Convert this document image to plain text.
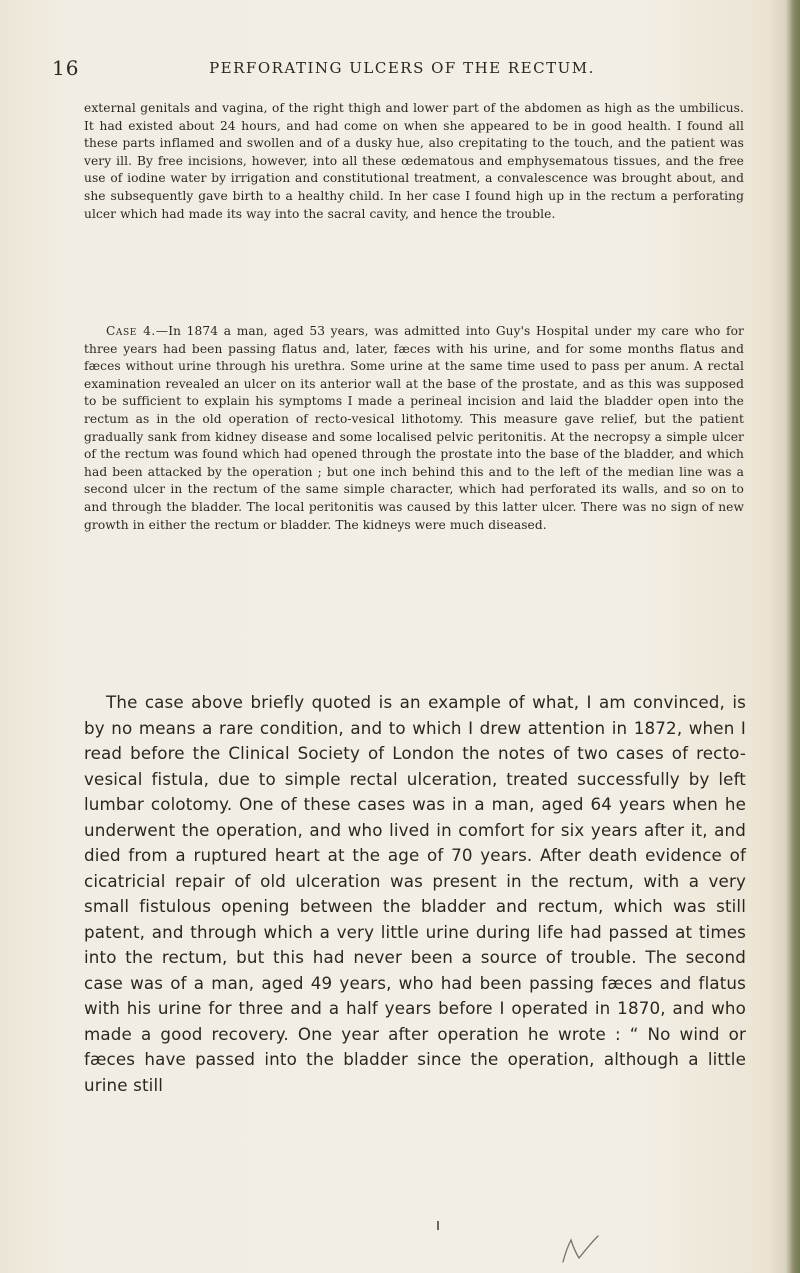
16	PERFORATING ULCERS OF THE RECTUM.

external genitals and vagina, of the right thigh and lower part of the abdomen as high as the umbilicus. It had existed about 24 hours, and had come on when she appeared to be in good health. I found all these parts inflamed and swollen and of a dusky hue, also crepitating to the touch, and the patient was very ill. By free incisions, however, into all these œdematous and emphysematous tissues, and the free use of iodine water by irrigation and constitutional treatment, a convalescence was brought about, and she subsequently gave birth to a healthy child. In her case I found high up in the rectum a perforating ulcer which had made its way into the sacral cavity, and hence the trouble.

Case 4.—In 1874 a man, aged 53 years, was admitted into Guy's Hospital under my care who for three years had been passing flatus and, later, fæces with his urine, and for some months flatus and fæces without urine through his urethra. Some urine at the same time used to pass per anum. A rectal examination revealed an ulcer on its anterior wall at the base of the prostate, and as this was supposed to be sufficient to explain his symptoms I made a perineal incision and laid the bladder open into the rectum as in the old operation of recto-vesical lithotomy. This measure gave relief, but the patient gradually sank from kidney disease and some localised pelvic peritonitis. At the necropsy a simple ulcer of the rectum was found which had opened through the prostate into the base of the bladder, and which had been attacked by the operation ; but one inch behind this and to the left of the median line was a second ulcer in the rectum of the same simple character, which had perforated its walls, and so on to and through the bladder. The local peritonitis was caused by this latter ulcer. There was no sign of new growth in either the rectum or bladder. The kidneys were much diseased.

The case above briefly quoted is an example of what, I am convinced, is by no means a rare condition, and to which I drew attention in 1872, when I read before the Clinical Society of London the notes of two cases of recto-vesical fistula, due to simple rectal ulceration, treated successfully by left lumbar colotomy. One of these cases was in a man, aged 64 years when he underwent the operation, and who lived in comfort for six years after it, and died from a ruptured heart at the age of 70 years. After death evidence of cicatricial repair of old ulceration was present in the rectum, with a very small fistulous opening between the bladder and rectum, which was still patent, and through which a very little urine during life had passed at times into the rectum, but this had never been a source of trouble. The second case was of a man, aged 49 years, who had been passing fæces and flatus with his urine for three and a half years before I operated in 1870, and who made a good recovery. One year after operation he wrote : “ No wind or fæces have passed into the bladder since the operation, although a little urine still
